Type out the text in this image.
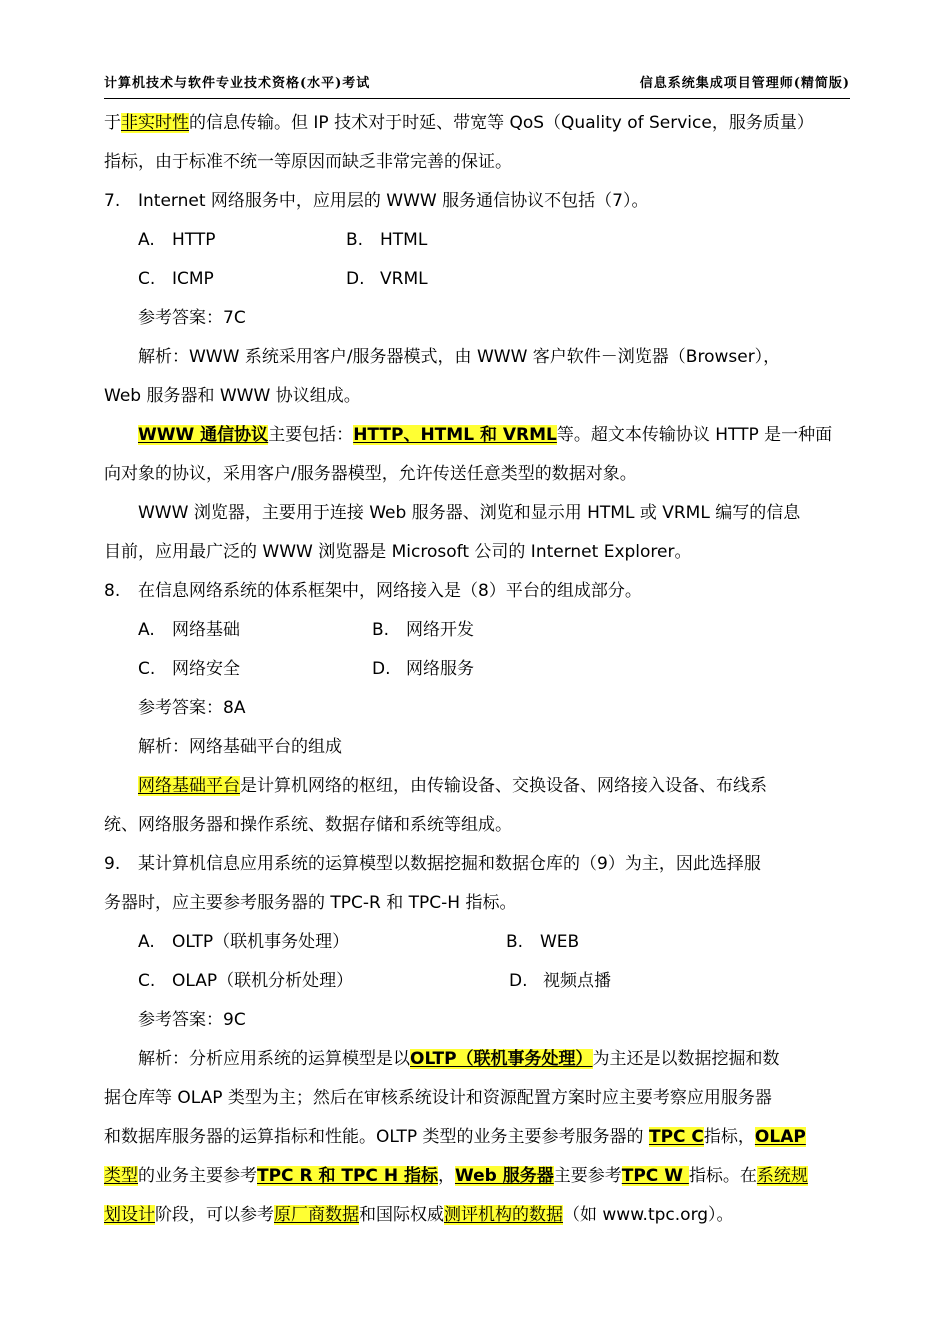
计算机技术与软件专业技术资格(水平)考试	信息系统集成项目管理师(精简版)
于非实时性的信息传输。但 IP 技术对于时延、带宽等 QoS（Quality of Service，服务质量）
指标，由于标准不统一等原因而缺乏非常完善的保证。
7. Internet 网络服务中，应用层的 WWW 服务通信协议不包括（7）。
A. HTTP	B. HTML
C. ICMP	D. VRML
参考答案：7C
解析：WWW 系统采用客户/服务器模式，由 WWW 客户软件－浏览器（Browser），
Web 服务器和 WWW 协议组成。
WWW 通信协议主要包括：HTTP、HTML 和 VRML等。超文本传输协议 HTTP 是一种面
向对象的协议，采用客户/服务器模型，允许传送任意类型的数据对象。
WWW 浏览器，主要用于连接 Web 服务器、浏览和显示用 HTML 或 VRML 编写的信息
目前，应用最广泛的 WWW 浏览器是 Microsoft 公司的 Internet Explorer。
8. 在信息网络系统的体系框架中，网络接入是（8）平台的组成部分。
A. 网络基础	B. 网络开发
C. 网络安全	D. 网络服务
参考答案：8A
解析：网络基础平台的组成
网络基础平台是计算机网络的枢纽，由传输设备、交换设备、网络接入设备、布线系
统、网络服务器和操作系统、数据存储和系统等组成。
9. 某计算机信息应用系统的运算模型以数据挖掘和数据仓库的（9）为主，因此选择服
务器时，应主要参考服务器的 TPC-R 和 TPC-H 指标。
A. OLTP（联机事务处理）	B. WEB
C. OLAP（联机分析处理）	D. 视频点播
参考答案：9C
解析：分析应用系统的运算模型是以OLTP（联机事务处理）为主还是以数据挖掘和数
据仓库等 OLAP 类型为主；然后在审核系统设计和资源配置方案时应主要考察应用服务器
和数据库服务器的运算指标和性能。OLTP 类型的业务主要参考服务器的 TPC C指标，OLAP
类型的业务主要参考TPC R 和 TPC H 指标，Web 服务器主要参考TPC W 指标。在系统规
划设计阶段，可以参考原厂商数据和国际权威测评机构的数据（如 www.tpc.org）。
